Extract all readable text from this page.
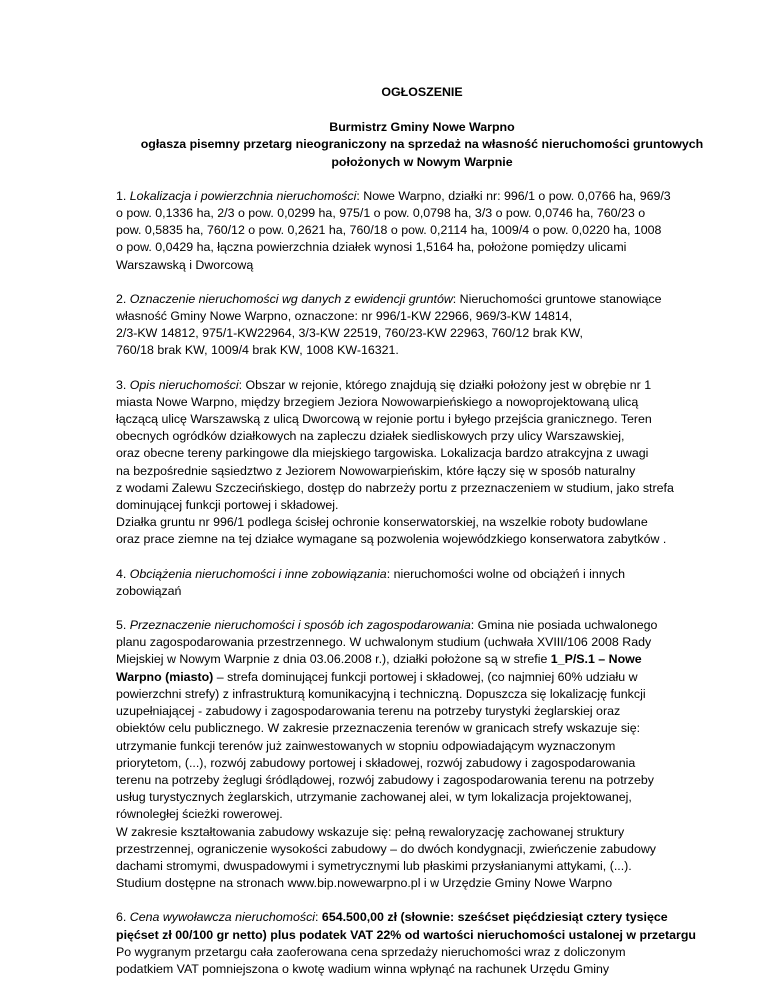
OGŁOSZENIE
Burmistrz Gminy Nowe Warpno
ogłasza pisemny przetarg nieograniczony na sprzedaż na własność nieruchomości gruntowych
położonych w Nowym Warpnie

1. Lokalizacja i powierzchnia nieruchomości: Nowe Warpno, działki nr: 996/1 o pow. 0,0766 ha, 969/3
o pow. 0,1336 ha, 2/3 o pow. 0,0299 ha, 975/1 o pow. 0,0798 ha, 3/3 o pow. 0,0746 ha, 760/23 o
pow. 0,5835 ha, 760/12 o pow. 0,2621 ha, 760/18 o pow. 0,2114 ha, 1009/4 o pow. 0,0220 ha, 1008
o pow. 0,0429 ha, łączna powierzchnia działek wynosi 1,5164 ha, położone pomiędzy ulicami
Warszawską i Dworcową

2. Oznaczenie nieruchomości wg danych z ewidencji gruntów: Nieruchomości gruntowe stanowiące
własność Gminy Nowe Warpno, oznaczone: nr 996/1-KW 22966, 969/3-KW 14814,
2/3-KW 14812, 975/1-KW22964, 3/3-KW 22519, 760/23-KW 22963, 760/12 brak KW,
760/18 brak KW, 1009/4 brak KW, 1008 KW-16321.

3. Opis nieruchomości: Obszar w rejonie, którego znajdują się działki położony jest w obrębie nr 1
miasta Nowe Warpno, między brzegiem Jeziora Nowowarpieńskiego a nowoprojektowaną ulicą
łączącą ulicę Warszawską z ulicą Dworcową w rejonie portu i byłego przejścia granicznego. Teren
obecnych ogródków działkowych na zapleczu działek siedliskowych przy ulicy Warszawskiej,
oraz obecne tereny parkingowe dla miejskiego targowiska. Lokalizacja bardzo atrakcyjna z uwagi
na bezpośrednie sąsiedztwo z Jeziorem Nowowarpieńskim, które łączy się w sposób naturalny
z wodami Zalewu Szczecińskiego, dostęp do nabrzeży portu z przeznaczeniem w studium, jako strefa
dominującej funkcji portowej i składowej.
Działka gruntu nr 996/1 podlega ścisłej ochronie konserwatorskiej, na wszelkie roboty budowlane
oraz prace ziemne na tej działce wymagane są pozwolenia wojewódzkiego konserwatora zabytków .

4. Obciążenia nieruchomości i inne zobowiązania: nieruchomości wolne od obciążeń i innych
zobowiązań

5. Przeznaczenie nieruchomości i sposób ich zagospodarowania: Gmina nie posiada uchwalonego
planu zagospodarowania przestrzennego. W uchwalonym studium (uchwała XVIII/106 2008 Rady
Miejskiej w Nowym Warpnie z dnia 03.06.2008 r.), działki położone są w strefie 1_P/S.1 – Nowe
Warpno (miasto) – strefa dominującej funkcji portowej i składowej, (co najmniej 60% udziału w
powierzchni strefy) z infrastrukturą komunikacyjną i techniczną. Dopuszcza się lokalizację funkcji
uzupełniającej - zabudowy i zagospodarowania terenu na potrzeby turystyki żeglarskiej oraz
obiektów celu publicznego. W zakresie przeznaczenia terenów w granicach strefy wskazuje się:
utrzymanie funkcji terenów już zainwestowanych w stopniu odpowiadającym wyznaczonym
priorytetom, (...), rozwój zabudowy portowej i składowej, rozwój zabudowy i zagospodarowania
terenu na potrzeby żeglugi śródlądowej, rozwój zabudowy i zagospodarowania terenu na potrzeby
usług turystycznych żeglarskich, utrzymanie zachowanej alei, w tym lokalizacja projektowanej,
równoległej ścieżki rowerowej.
W zakresie kształtowania zabudowy wskazuje się: pełną rewaloryzację zachowanej struktury
przestrzennej, ograniczenie wysokości zabudowy – do dwóch kondygnacji, zwieńczenie zabudowy
dachami stromymi, dwuspadowymi i symetrycznymi lub płaskimi przysłanianymi attykami, (...).
Studium dostępne na stronach www.bip.nowewarpno.pl i w Urzędzie Gminy Nowe Warpno

6. Cena wywoławcza nieruchomości: 654.500,00 zł (słownie: sześćset pięćdziesiąt cztery tysięce
pięćset zł 00/100 gr netto) plus podatek VAT 22% od wartości nieruchomości ustalonej w przetargu
Po wygranym przetargu cała zaoferowana cena sprzedaży nieruchomości wraz z doliczonym
podatkiem VAT pomniejszona o kwotę wadium winna wpłynąć na rachunek Urzędu Gminy
